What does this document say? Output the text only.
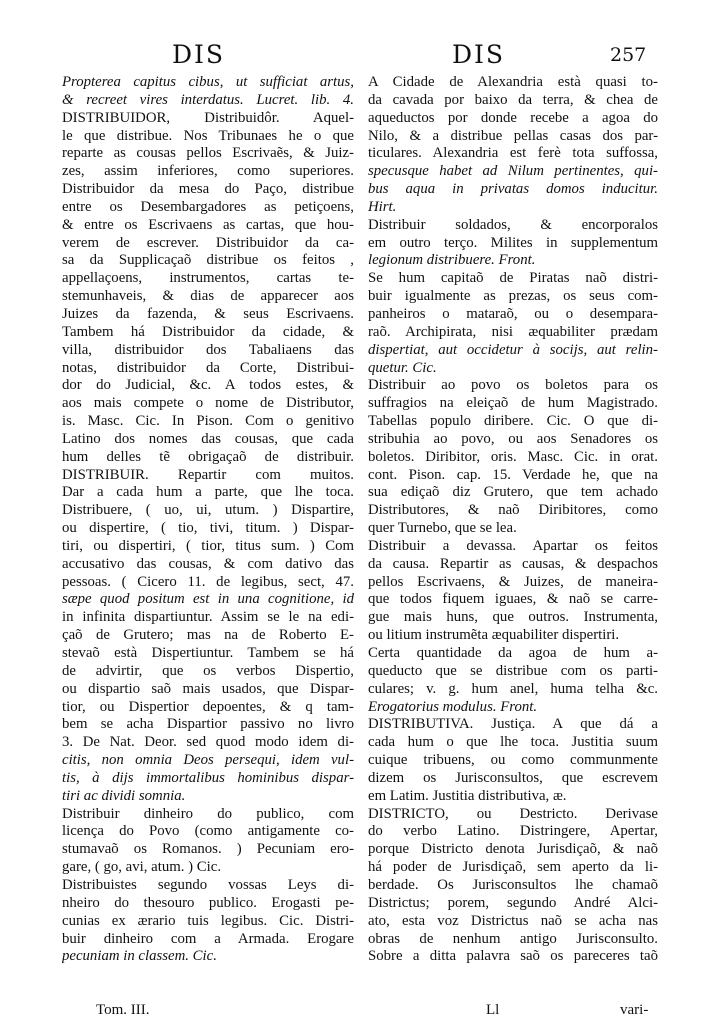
DIS	DIS	257
Propterea capitus cibus, ut sufficiat artus,
& recreet vires interdatus. Lucret. lib. 4.
DISTRIBUIDOR, Distribuidôr. Aquel-
le que distribue. Nos Tribunaes he o que
reparte as cousas pellos Escrivaẽs, & Juiz-
zes, assim inferiores, como superiores.
Distribuidor da mesa do Paço, distribue
entre os Desembargadores as petiçoens,
& entre os Escrivaens as cartas, que hou-
verem de escrever. Distribuidor da ca-
sa da Supplicaçaõ distribue os feitos ,
appellaçoens, instrumentos, cartas te-
stemunhaveis, & dias de apparecer aos
Juizes da fazenda, & seus Escrivaens.
Tambem há Distribuidor da cidade, &
villa, distribuidor dos Tabaliaens das
notas, distribuidor da Corte, Distribui-
dor do Judicial, &c. A todos estes, &
aos mais compete o nome de Distributor,
is. Masc. Cic. In Pison. Com o genitivo
Latino dos nomes das cousas, que cada
hum delles tẽ obrigaçaõ de distribuir.
DISTRIBUIR. Repartir com muitos.
Dar a cada hum a parte, que lhe toca.
Distribuere, ( uo, ui, utum. ) Dispartire,
ou dispertire, ( tio, tivi, titum. ) Dispar-
tiri, ou dispertiri, ( tior, titus sum. ) Com
accusativo das cousas, & com dativo das
pessoas. ( Cicero 11. de legibus, sect, 47.
sæpe quod positum est in una cognitione, id
in infinita dispartiuntur. Assim se le na edi-
çaõ de Grutero; mas na de Roberto E-
stevaõ està Dispertiuntur. Tambem se há
de advirtir, que os verbos Dispertio,
ou dispartio saõ mais usados, que Dispar-
tior, ou Dispertior depoentes, & q tam-
bem se acha Dispartior passivo no livro
3. De Nat. Deor. sed quod modo idem di-
citis, non omnia Deos persequi, idem vul-
tis, à dijs immortalibus hominibus dispar-
tiri ac dividi somnia.
Distribuir dinheiro do publico, com
licença do Povo (como antigamente co-
stumavaõ os Romanos. ) Pecuniam ero-
gare, ( go, avi, atum. ) Cic.
Distribuistes segundo vossas Leys di-
nheiro do thesouro publico. Erogasti pe-
cunias ex ærario tuis legibus. Cic. Distri-
buir dinheiro com a Armada. Erogare
pecuniam in classem. Cic.
A Cidade de Alexandria està quasi to-
da cavada por baixo da terra, & chea de
aqueductos por donde recebe a agoa do
Nilo, & a distribue pellas casas dos par-
ticulares. Alexandria est ferè tota suffossa,
specusque habet ad Nilum pertinentes, qui-
bus aqua in privatas domos inducitur.
Hirt.
Distribuir soldados, & encorporalos
em outro terço. Milites in supplementum
legionum distribuere. Front.
Se hum capitaõ de Piratas naõ distri-
buir igualmente as prezas, os seus com-
panheiros o mataraõ, ou o desempara-
raõ. Archipirata, nisi æquabiliter prædam
dispertiat, aut occidetur à socijs, aut relin-
quetur. Cic.
Distribuir ao povo os boletos para os
suffragios na eleiçaõ de hum Magistrado.
Tabellas populo diribere. Cic. O que di-
stribuhia ao povo, ou aos Senadores os
boletos. Diribitor, oris. Masc. Cic. in orat.
cont. Pison. cap. 15. Verdade he, que na
sua ediçaõ diz Grutero, que tem achado
Distributores, & naõ Diribitores, como
quer Turnebo, que se lea.
Distribuir a devassa. Apartar os feitos
da causa. Repartir as causas, & despachos
pellos Escrivaens, & Juizes, de maneira-
que todos fiquem iguaes, & naõ se carre-
gue mais huns, que outros. Instrumenta,
ou litium instrumẽta æquabiliter dispertiri.
Certa quantidade da agoa de hum a-
queducto que se distribue com os parti-
culares; v. g. hum anel, huma telha &c.
Erogatorius modulus. Front.
DISTRIBUTIVA. Justiça. A que dá a
cada hum o que lhe toca. Justitia suum
cuique tribuens, ou como communmente
dizem os Jurisconsultos, que escrevem
em Latim. Justitia distributiva, æ.
DISTRICTO, ou Destricto. Derivase
do verbo Latino. Distringere, Apertar,
porque Districto denota Jurisdiçaõ, & naõ
há poder de Jurisdiçaõ, sem aperto da li-
berdade. Os Jurisconsultos lhe chamaõ
Districtus; porem, segundo André Alci-
ato, esta voz Districtus naõ se acha nas
obras de nenhum antigo Jurisconsulto.
Sobre a ditta palavra saõ os pareceres taõ
Tom. III.	Ll	vari-
